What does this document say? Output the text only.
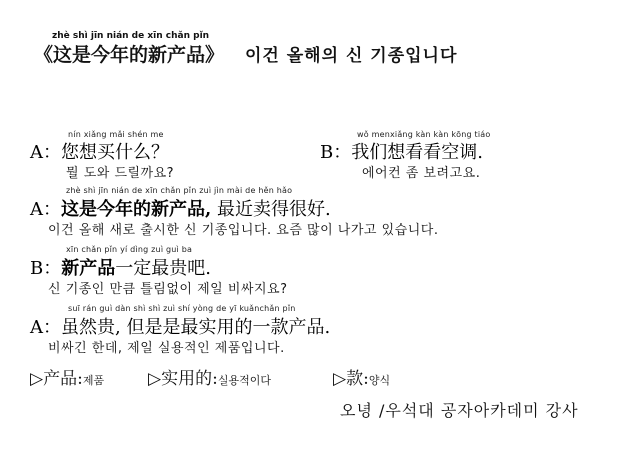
zhè shì jīn nián de xīn chǎn pǐn
《这是今年的新产品》 이건 올해의 신 기종입니다
nín xiǎng mǎi shén me
A：您想买什么？
뭘 도와 드릴까요?
wǒ menxiǎng kàn kàn kōng tiáo
B：我们想看看空调.
에어컨 좀 보려고요.
zhè shì jīn nián de xīn chǎn pǐn zuì jìn mài de hěn hǎo
A：这是今年的新产品, 最近卖得很好.
이건 올해 새로 출시한 신 기종입니다. 요즘 많이 나가고 있습니다.
xīn chǎn pǐn yí dìng zuì guì ba
B：新产品一定最贵吧.
신 기종인 만큼 틀림없이 제일 비싸지요?
suī rán guì dàn shì shì zuì shí yòng de yī kuǎnchǎn pǐn
A：虽然贵, 但是是最实用的一款产品.
비싸긴 한데, 제일 실용적인 제품입니다.
▷产品:제품	▷实用的:실용적이다	▷款:양식
오녕 /우석대 공자아카데미 강사
